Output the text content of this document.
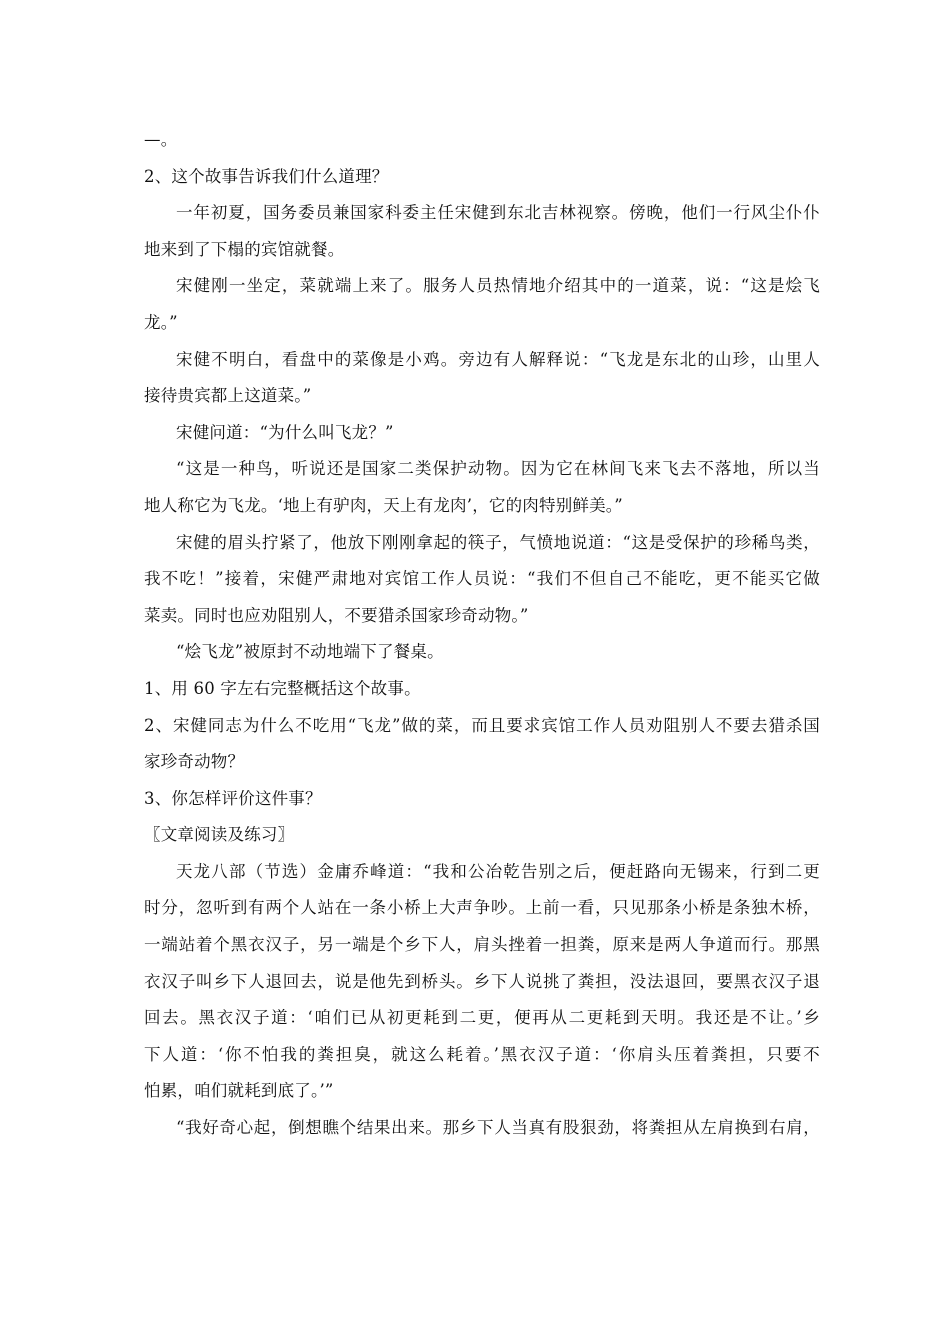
—。
2、这个故事告诉我们什么道理？
一年初夏，国务委员兼国家科委主任宋健到东北吉林视察。傍晚，他们一行风尘仆仆
地来到了下榻的宾馆就餐。
宋健刚一坐定，菜就端上来了。服务人员热情地介绍其中的一道菜，说：“这是烩飞
龙。”
宋健不明白，看盘中的菜像是小鸡。旁边有人解释说：“飞龙是东北的山珍，山里人
接待贵宾都上这道菜。”
宋健问道：“为什么叫飞龙？”
“这是一种鸟，听说还是国家二类保护动物。因为它在林间飞来飞去不落地，所以当
地人称它为飞龙。‘地上有驴肉，天上有龙肉’，它的肉特别鲜美。”
宋健的眉头拧紧了，他放下刚刚拿起的筷子，气愤地说道：“这是受保护的珍稀鸟类，
我不吃！”接着，宋健严肃地对宾馆工作人员说：“我们不但自己不能吃，更不能买它做
菜卖。同时也应劝阻别人，不要猎杀国家珍奇动物。”
“烩飞龙”被原封不动地端下了餐桌。
1、用 60 字左右完整概括这个故事。
2、宋健同志为什么不吃用“飞龙”做的菜，而且要求宾馆工作人员劝阻别人不要去猎杀国
家珍奇动物？
3、你怎样评价这件事？
〖文章阅读及练习〗
天龙八部（节选）金庸乔峰道：“我和公冶乾告别之后，便赶路向无锡来，行到二更
时分，忽听到有两个人站在一条小桥上大声争吵。上前一看，只见那条小桥是条独木桥，
一端站着个黑衣汉子，另一端是个乡下人，肩头挫着一担粪，原来是两人争道而行。那黑
衣汉子叫乡下人退回去，说是他先到桥头。乡下人说挑了粪担，没法退回，要黑衣汉子退
回去。黑衣汉子道：‘咱们已从初更耗到二更，便再从二更耗到天明。我还是不让。’乡
下人道：‘你不怕我的粪担臭，就这么耗着。’黑衣汉子道：‘你肩头压着粪担，只要不
怕累，咱们就耗到底了。’”
“我好奇心起，倒想瞧个结果出来。那乡下人当真有股狠劲，将粪担从左肩换到右肩，
